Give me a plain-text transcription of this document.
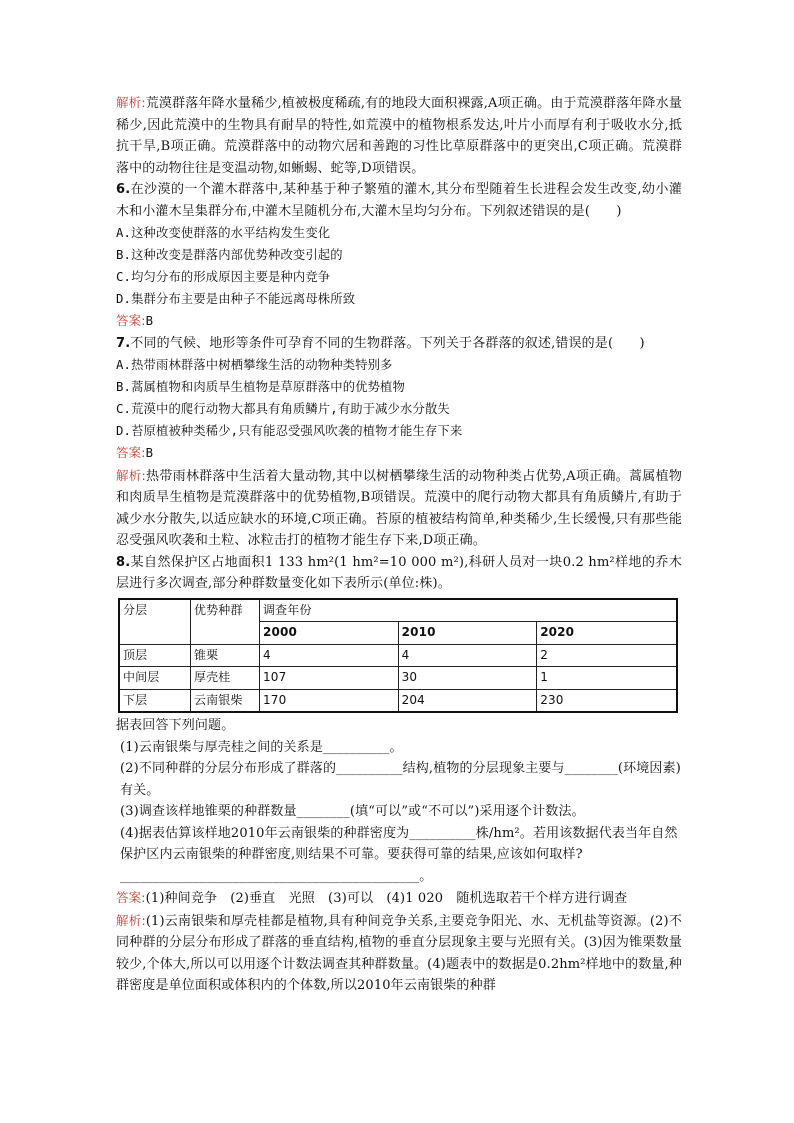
解析:荒漠群落年降水量稀少,植被极度稀疏,有的地段大面积裸露,A项正确。由于荒漠群落年降水量稀少,因此荒漠中的生物具有耐旱的特性,如荒漠中的植物根系发达,叶片小而厚有利于吸收水分,抵抗干旱,B项正确。荒漠群落中的动物穴居和善跑的习性比草原群落中的更突出,C项正确。荒漠群落中的动物往往是变温动物,如蜥蜴、蛇等,D项错误。

6.在沙漠的一个灌木群落中,某种基于种子繁殖的灌木,其分布型随着生长进程会发生改变,幼小灌木和小灌木呈集群分布,中灌木呈随机分布,大灌木呈均匀分布。下列叙述错误的是(　　)

A.这种改变使群落的水平结构发生变化

B.这种改变是群落内部优势种改变引起的

C.均匀分布的形成原因主要是种内竞争

D.集群分布主要是由种子不能远离母株所致

答案:B

7.不同的气候、地形等条件可孕育不同的生物群落。下列关于各群落的叙述,错误的是(　　)

A.热带雨林群落中树栖攀缘生活的动物种类特别多

B.蒿属植物和肉质旱生植物是草原群落中的优势植物

C.荒漠中的爬行动物大都具有角质鳞片,有助于减少水分散失

D.苔原植被种类稀少,只有能忍受强风吹袭的植物才能生存下来

答案:B

解析:热带雨林群落中生活着大量动物,其中以树栖攀缘生活的动物种类占优势,A项正确。蒿属植物和肉质旱生植物是荒漠群落中的优势植物,B项错误。荒漠中的爬行动物大都具有角质鳞片,有助于减少水分散失,以适应缺水的环境,C项正确。苔原的植被结构简单,种类稀少,生长缓慢,只有那些能忍受强风吹袭和土粒、冰粒击打的植物才能生存下来,D项正确。

8.某自然保护区占地面积1 133 hm²(1 hm²=10 000 m²),科研人员对一块0.2 hm²样地的乔木层进行多次调查,部分种群数量变化如下表所示(单位:株)。

分层	优势种群	调查年份		
		2000	2010	2020
顶层	锥栗	4	4	2
中间层	厚壳桂	107	30	1
下层	云南银柴	170	204	230

据表回答下列问题。

(1)云南银柴与厚壳桂之间的关系是__________。

(2)不同种群的分层分布形成了群落的__________结构,植物的分层现象主要与________(环境因素)有关。

(3)调查该样地锥栗的种群数量________(填“可以”或“不可以”)采用逐个计数法。

(4)据表估算该样地2010年云南银柴的种群密度为__________株/hm²。若用该数据代表当年自然保护区内云南银柴的种群密度,则结果不可靠。要获得可靠的结果,应该如何取样?_____________________________________________。

答案:(1)种间竞争　(2)垂直　光照　(3)可以　(4)1 020　随机选取若干个样方进行调查

解析:(1)云南银柴和厚壳桂都是植物,具有种间竞争关系,主要竞争阳光、水、无机盐等资源。(2)不同种群的分层分布形成了群落的垂直结构,植物的垂直分层现象主要与光照有关。(3)因为锥栗数量较少,个体大,所以可以用逐个计数法调查其种群数量。(4)题表中的数据是0.2hm²样地中的数量,种群密度是单位面积或体积内的个体数,所以2010年云南银柴的种群
